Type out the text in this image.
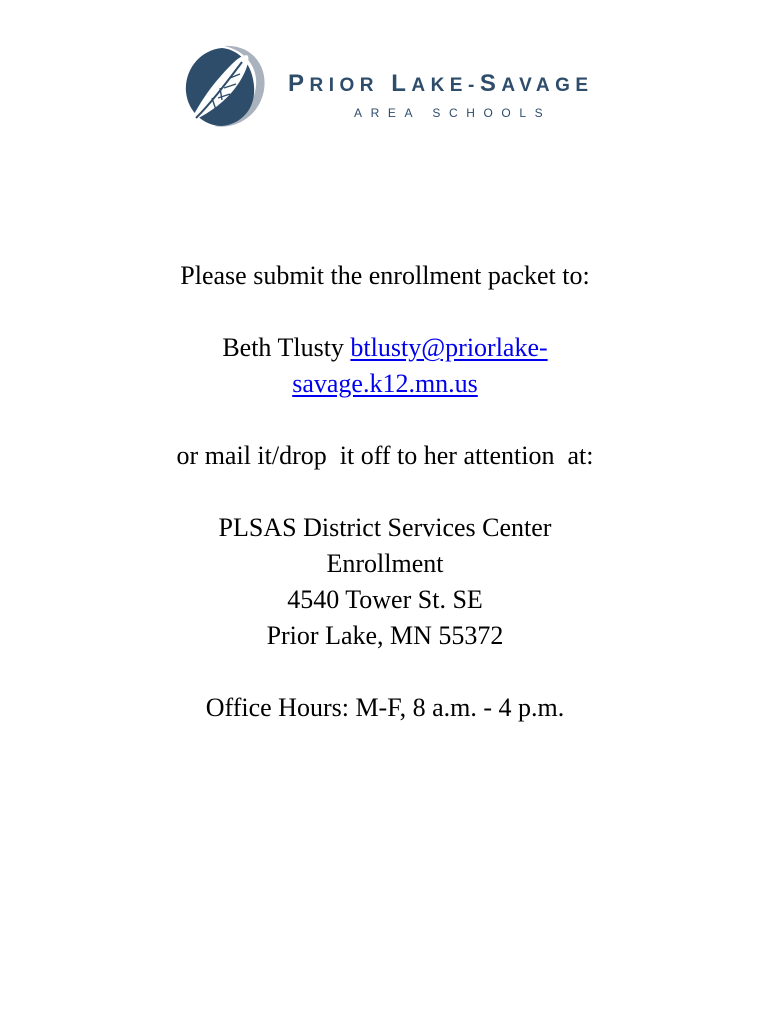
PRIOR LAKE-SAVAGE
AREA SCHOOLS

Please submit the enrollment packet to:

Beth Tlusty btlusty@priorlake-

savage.k12.mn.us

or mail it/drop it off to her attention at:

PLSAS District Services Center

Enrollment

4540 Tower St. SE

Prior Lake, MN 55372

Office Hours: M-F, 8 a.m. - 4 p.m.
